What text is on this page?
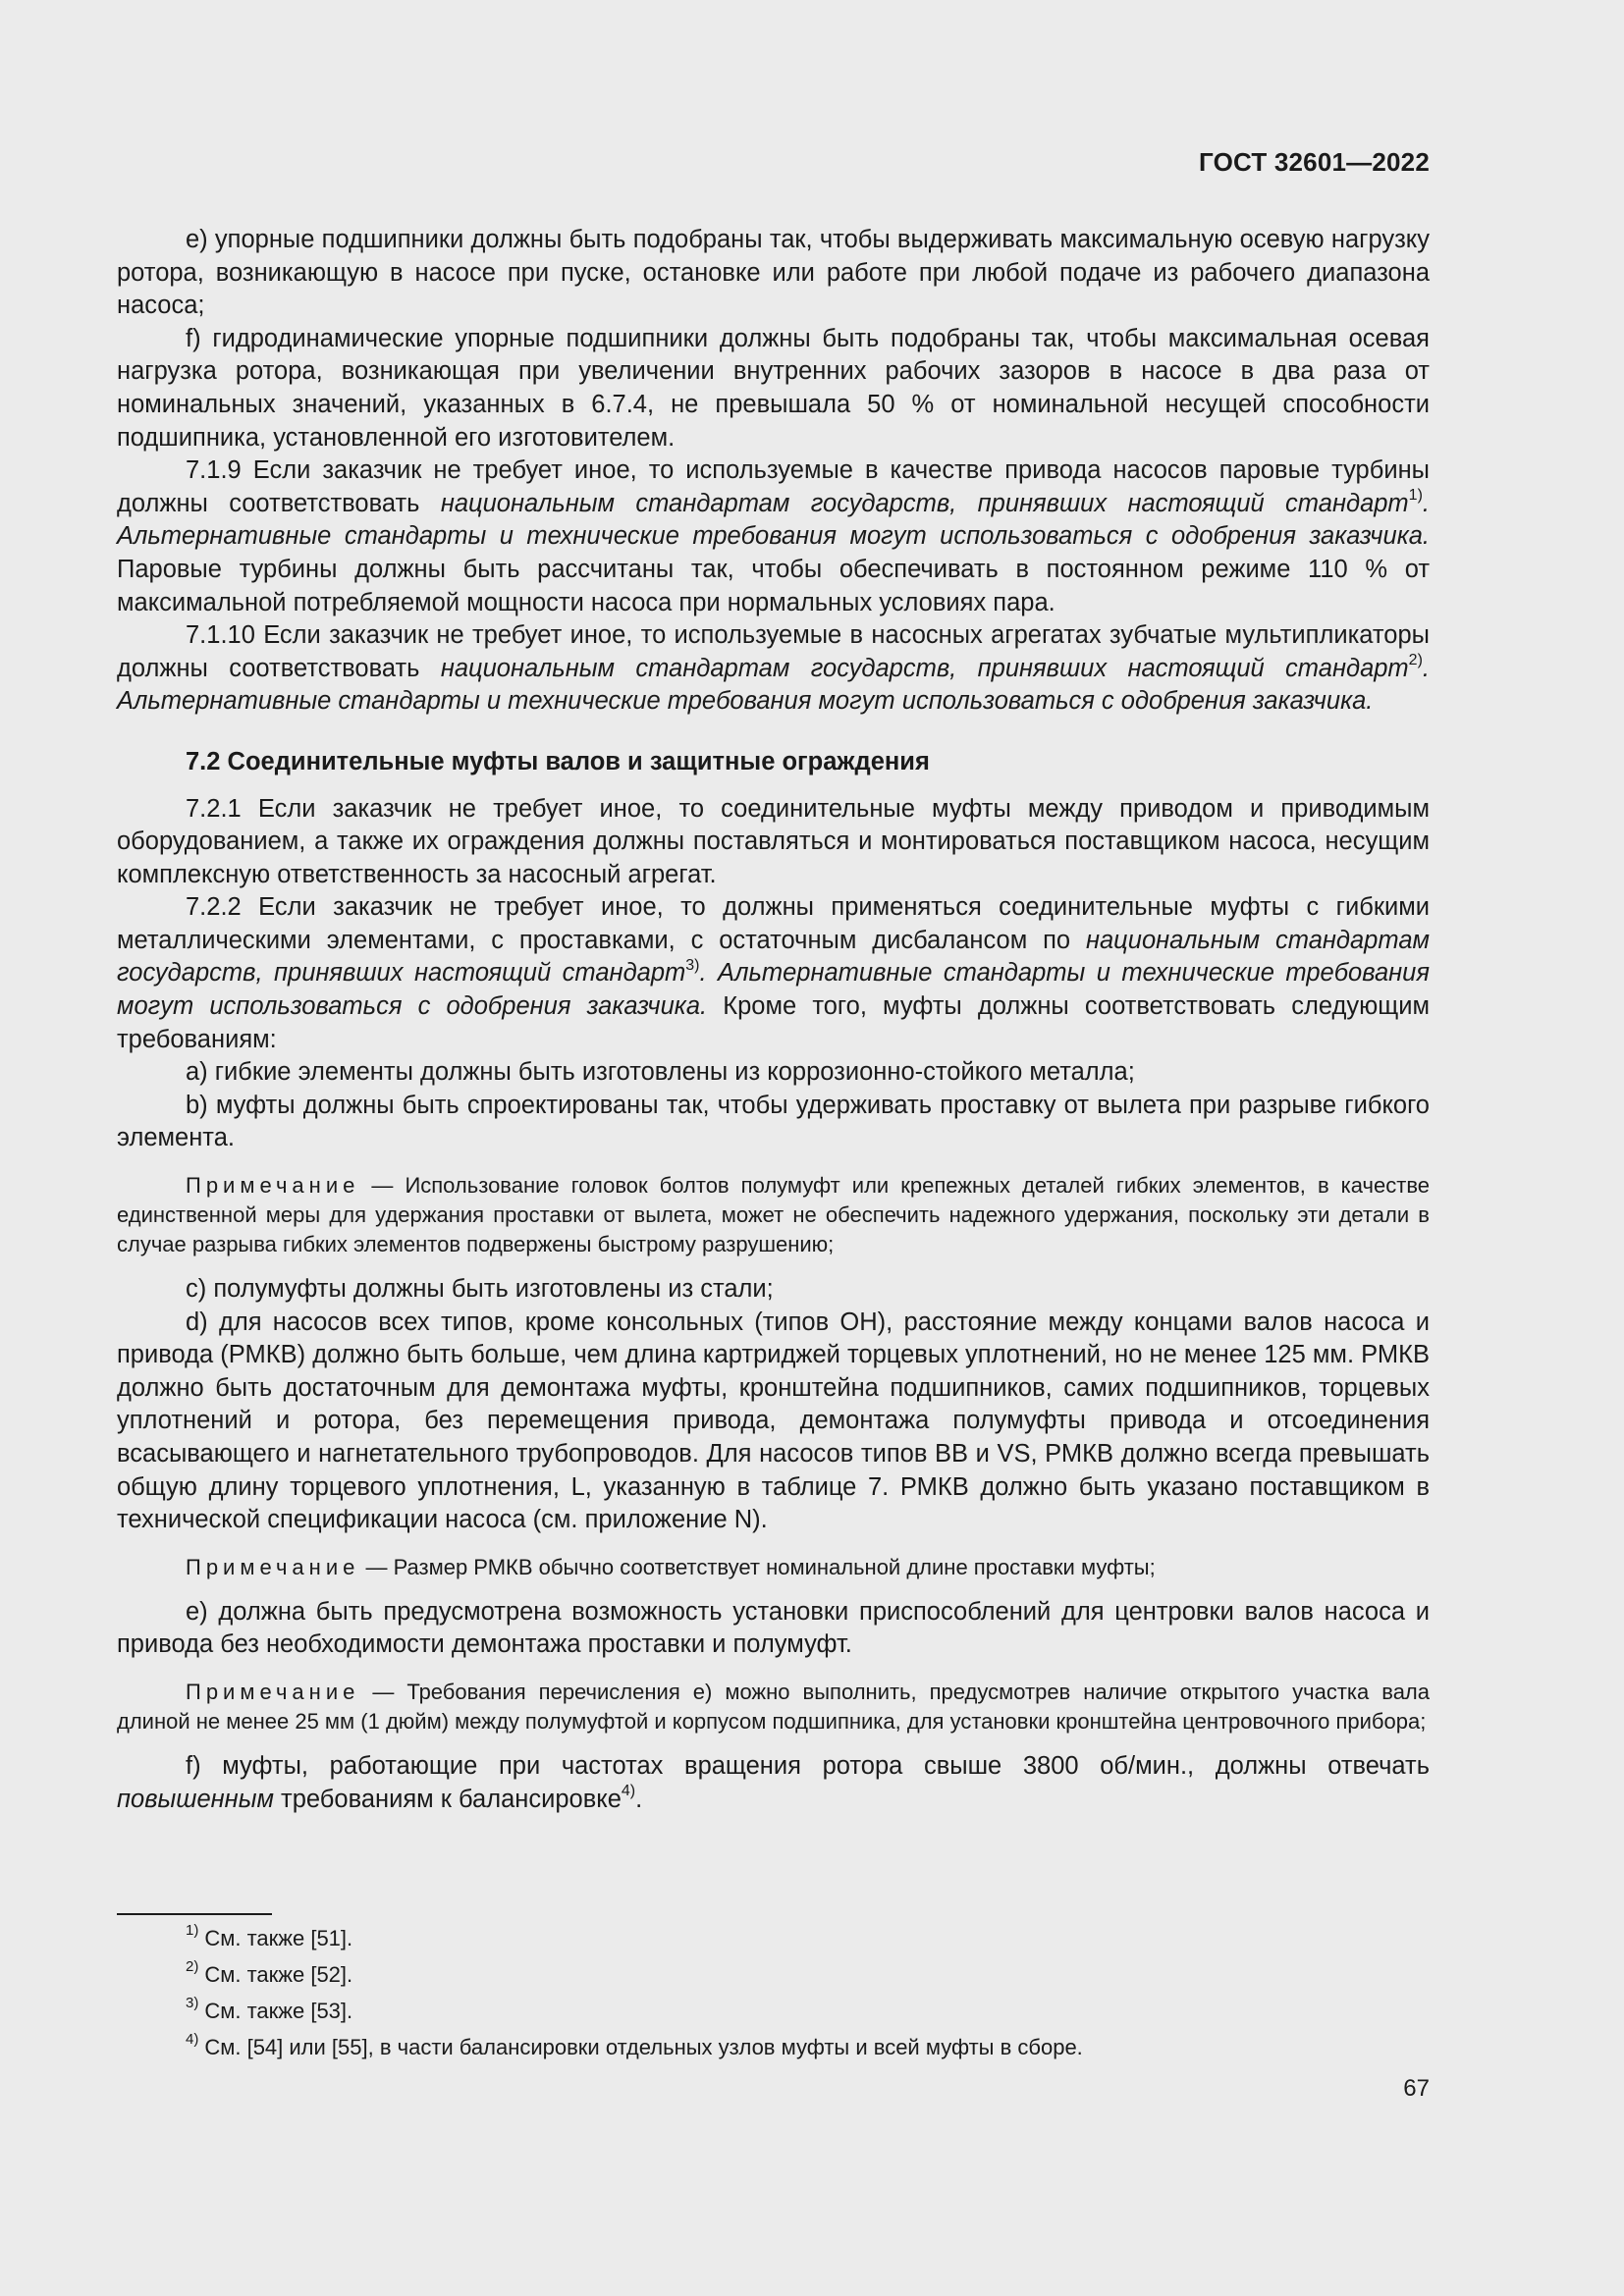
ГОСТ 32601—2022

e) упорные подшипники должны быть подобраны так, чтобы выдерживать максимальную осевую нагрузку ротора, возникающую в насосе при пуске, остановке или работе при любой подаче из рабочего диапазона насоса;

f) гидродинамические упорные подшипники должны быть подобраны так, чтобы максимальная осевая нагрузка ротора, возникающая при увеличении внутренних рабочих зазоров в насосе в два раза от номинальных значений, указанных в 6.7.4, не превышала 50 % от номинальной несущей способности подшипника, установленной его изготовителем.

7.1.9 Если заказчик не требует иное, то используемые в качестве привода насосов паровые турбины должны соответствовать национальным стандартам государств, принявших настоящий стандарт$^{1)}$. Альтернативные стандарты и технические требования могут использоваться с одобрения заказчика. Паровые турбины должны быть рассчитаны так, чтобы обеспечивать в постоянном режиме 110 % от максимальной потребляемой мощности насоса при нормальных условиях пара.

7.1.10 Если заказчик не требует иное, то используемые в насосных агрегатах зубчатые мультипликаторы должны соответствовать национальным стандартам государств, принявших настоящий стандарт$^{2)}$. Альтернативные стандарты и технические требования могут использоваться с одобрения заказчика.

7.2 Соединительные муфты валов и защитные ограждения

7.2.1 Если заказчик не требует иное, то соединительные муфты между приводом и приводимым оборудованием, а также их ограждения должны поставляться и монтироваться поставщиком насоса, несущим комплексную ответственность за насосный агрегат.

7.2.2 Если заказчик не требует иное, то должны применяться соединительные муфты с гибкими металлическими элементами, с проставками, с остаточным дисбалансом по национальным стандартам государств, принявших настоящий стандарт$^{3)}$. Альтернативные стандарты и технические требования могут использоваться с одобрения заказчика. Кроме того, муфты должны соответствовать следующим требованиям:

a) гибкие элементы должны быть изготовлены из коррозионно-стойкого металла;

b) муфты должны быть спроектированы так, чтобы удерживать проставку от вылета при разрыве гибкого элемента.

Примечание — Использование головок болтов полумуфт или крепежных деталей гибких элементов, в качестве единственной меры для удержания проставки от вылета, может не обеспечить надежного удержания, поскольку эти детали в случае разрыва гибких элементов подвержены быстрому разрушению;

c) полумуфты должны быть изготовлены из стали;

d) для насосов всех типов, кроме консольных (типов OH), расстояние между концами валов насоса и привода (РМКВ) должно быть больше, чем длина картриджей торцевых уплотнений, но не менее 125 мм. РМКВ должно быть достаточным для демонтажа муфты, кронштейна подшипников, самих подшипников, торцевых уплотнений и ротора, без перемещения привода, демонтажа полумуфты привода и отсоединения всасывающего и нагнетательного трубопроводов. Для насосов типов BB и VS, РМКВ должно всегда превышать общую длину торцевого уплотнения, L, указанную в таблице 7. РМКВ должно быть указано поставщиком в технической спецификации насоса (см. приложение N).

Примечание — Размер РМКВ обычно соответствует номинальной длине проставки муфты;

e) должна быть предусмотрена возможность установки приспособлений для центровки валов насоса и привода без необходимости демонтажа проставки и полумуфт.

Примечание — Требования перечисления е) можно выполнить, предусмотрев наличие открытого участка вала длиной не менее 25 мм (1 дюйм) между полумуфтой и корпусом подшипника, для установки кронштейна центровочного прибора;

f) муфты, работающие при частотах вращения ротора свыше 3800 об/мин., должны отвечать повышенным требованиям к балансировке$^{4)}$.

$^{1)}$ См. также [51].

$^{2)}$ См. также [52].

$^{3)}$ См. также [53].

$^{4)}$ См. [54] или [55], в части балансировки отдельных узлов муфты и всей муфты в сборе.

67
